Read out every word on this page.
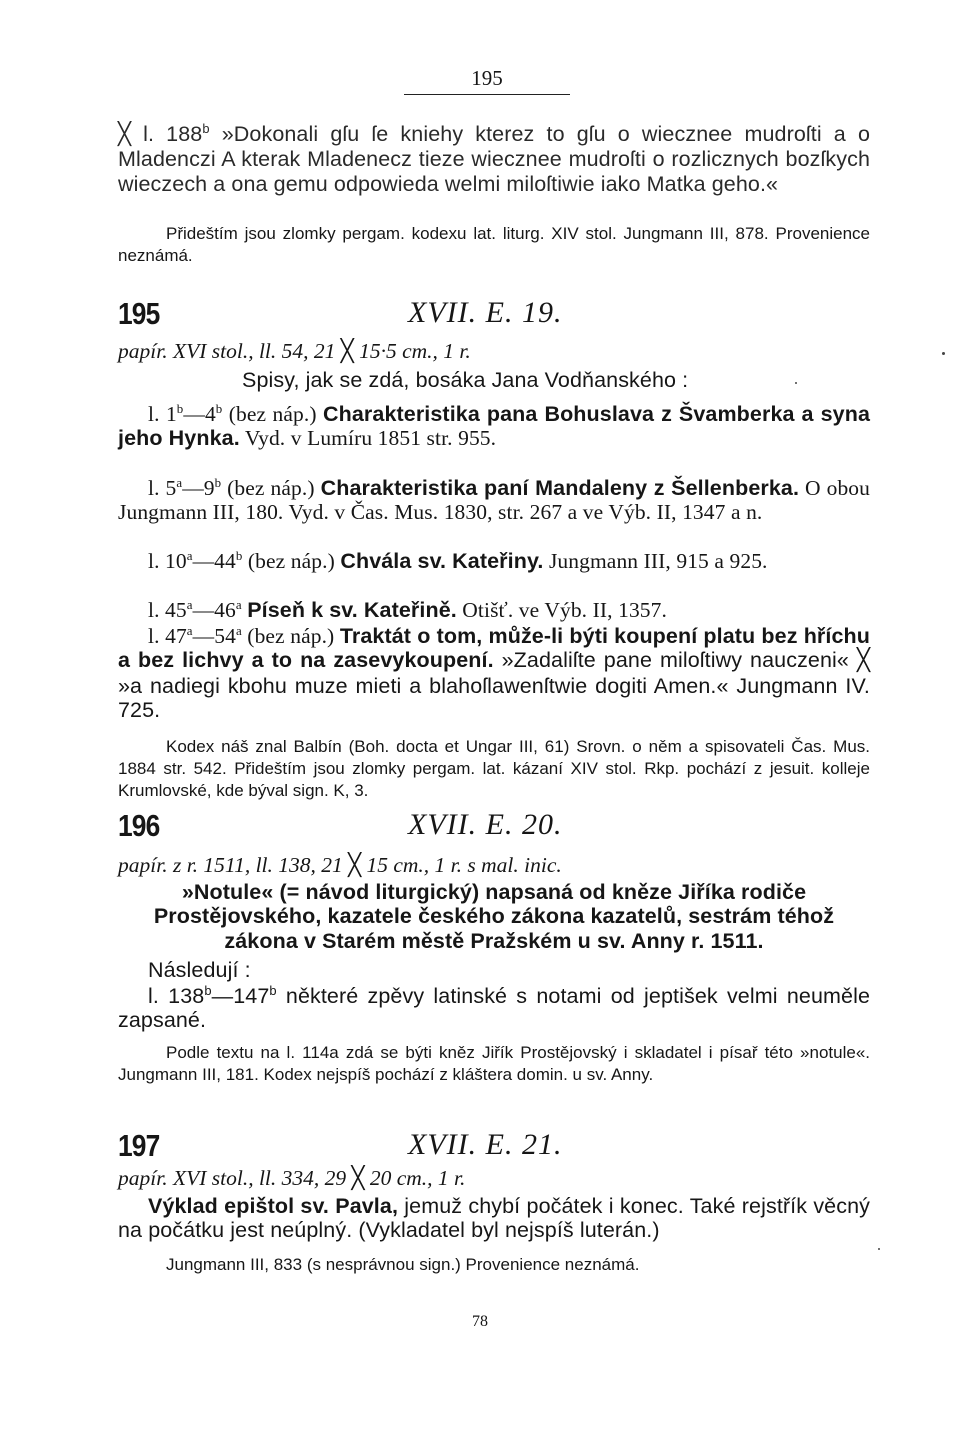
195

╳ l. 188$^b$ »Dokonali gſu ſe kniehy kterez to gſu o wiecznee mudroſti a o Mladenczi A kterak Mladenecz tieze wiecznee mudroſti o rozlicznych bozſkych wieczech a ona gemu odpowieda welmi miloſtiwie iako Matka geho.«

Přideštím jsou zlomky pergam. kodexu lat. liturg. XIV stol. Jungmann III, 878. Provenience neznámá.

195	XVII. E. 19.
papír. XVI stol., ll. 54, 21 ╳ 15·5 cm., 1 r.

Spisy, jak se zdá, bosáka Jana Vodňanského :

l. 1$^b$—4$^b$ (bez náp.) Charakteristika pana Bohuslava z Švamberka a syna jeho Hynka. Vyd. v Lumíru 1851 str. 955.

l. 5$^a$—9$^b$ (bez náp.) Charakteristika paní Mandaleny z Šellenberka. O obou Jungmann III, 180. Vyd. v Čas. Mus. 1830, str. 267 a ve Výb. II, 1347 a n.

l. 10$^a$—44$^b$ (bez náp.) Chvála sv. Kateřiny. Jungmann III, 915 a 925.

l. 45$^a$—46$^a$ Píseň k sv. Kateřině. Otišť. ve Výb. II, 1357.

l. 47$^a$—54$^a$ (bez náp.) Traktát o tom, může-li býti koupení platu bez hříchu a bez lichvy a to na zasevykoupení. »Zadaliſte pane miloſtiwy nauczeni« ╳ »a nadiegi kbohu muze mieti a blahoſlawenſtwie dogiti Amen.« Jungmann IV. 725.

Kodex náš znal Balbín (Boh. docta et Ungar III, 61) Srovn. o něm a spisovateli Čas. Mus. 1884 str. 542. Přideštím jsou zlomky pergam. lat. kázaní XIV stol. Rkp. pochází z jesuit. kolleje Krumlovské, kde býval sign. K, 3.

196	XVII. E. 20.
papír. z r. 1511, ll. 138, 21 ╳ 15 cm., 1 r. s mal. inic.

»Notule« (= návod liturgický) napsaná od kněze Jiříka rodiče Prostějovského, kazatele českého zákona kazatelů, sestrám téhož zákona v Starém městě Pražském u sv. Anny r. 1511.

Následují :

l. 138$^b$—147$^b$ některé zpěvy latinské s notami od jeptišek velmi neuměle zapsané.

Podle textu na l. 114a zdá se býti kněz Jiřík Prostějovský i skladatel i písař této »notule«. Jungmann III, 181. Kodex nejspíš pochází z kláštera domin. u sv. Anny.

197	XVII. E. 21.
papír. XVI stol., ll. 334, 29 ╳ 20 cm., 1 r.

Výklad epištol sv. Pavla, jemuž chybí počátek i konec. Také rejstřík věcný na počátku jest neúplný. (Vykladatel byl nejspíš luterán.)

Jungmann III, 833 (s nesprávnou sign.) Provenience neznámá.

78
